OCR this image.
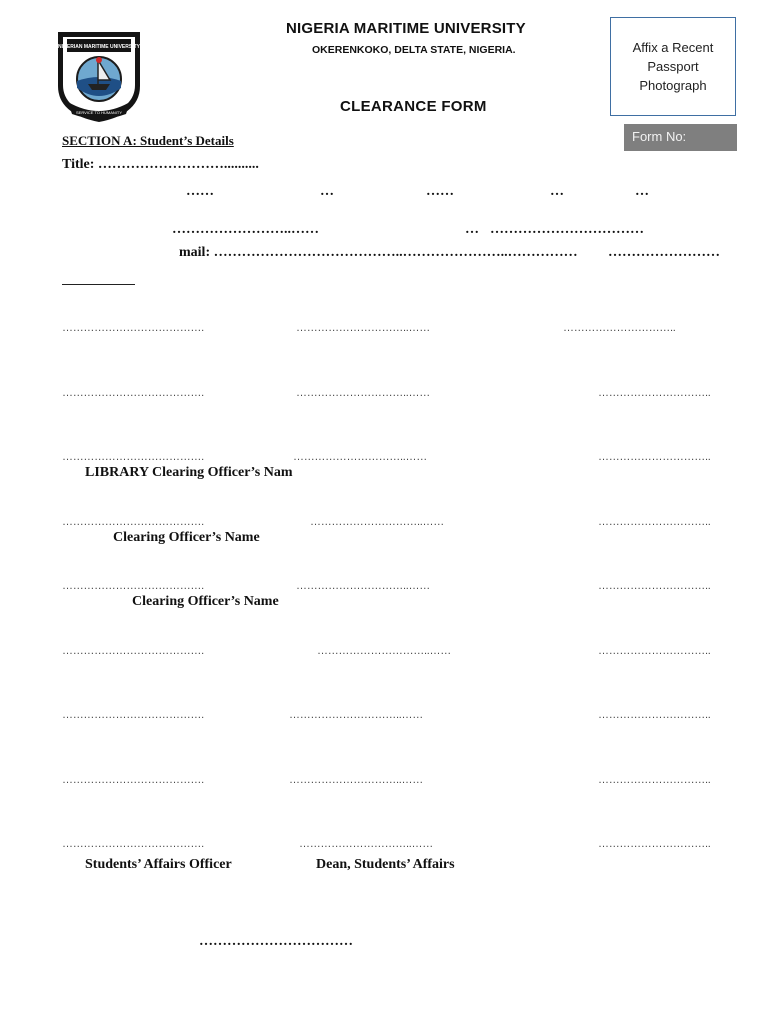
NIGERIAN MARITIME UNIVERSITY
SERVICE TO HUMANITY
NIGERIA MARITIME UNIVERSITY
OKERENKOKO, DELTA STATE, NIGERIA.
CLEARANCE FORM
Affix a Recent Passport Photograph
Form No:
SECTION A: Student’s Details
Title: ………………………..........
……	…	……	…	…
……………………..……	… ……………………………
mail: …………………………………..…………………..…………… ……………………
………………………………….	…………………………..……	…………………………..
………………………………….	…………………………..……	…………………………..
………………………………….	…………………………..……	…………………………..
LIBRARY Clearing Officer’s Nam
………………………………….	…………………………..……	…………………………..
Clearing Officer’s Name
………………………………….	…………………………..……	…………………………..
Clearing Officer’s Name
………………………………….	…………………………..……	…………………………..
………………………………….	…………………………..……	…………………………..
………………………………….	…………………………..……	…………………………..
………………………………….	…………………………..……	…………………………..
Students’ Affairs Officer	Dean, Students’ Affairs
……………………………
